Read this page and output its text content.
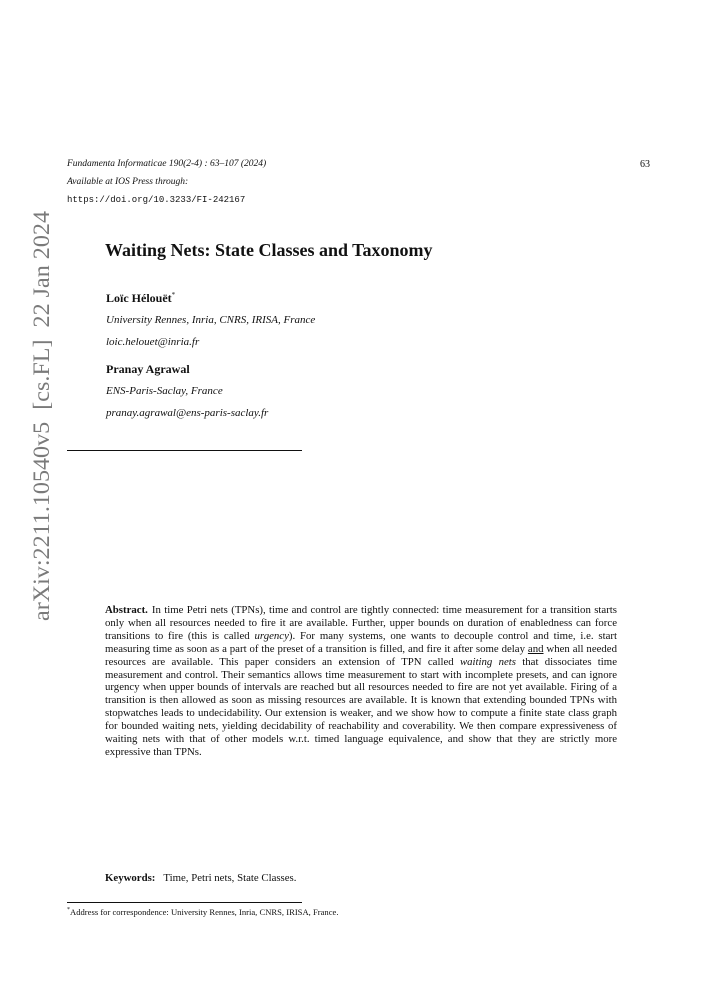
Fundamenta Informaticae 190(2-4) : 63–107 (2024)
Available at IOS Press through:
https://doi.org/10.3233/FI-242167
63
arXiv:2211.10540v5  [cs.FL]  22 Jan 2024	Waiting Nets: State Classes and Taxonomy
Loïc Hélouët*
University Rennes, Inria, CNRS, IRISA, France
loic.helouet@inria.fr
Pranay Agrawal
ENS-Paris-Saclay, France
pranay.agrawal@ens-paris-saclay.fr
Abstract. In time Petri nets (TPNs), time and control are tightly connected: time measurement for a transition starts only when all resources needed to fire it are available. Further, upper bounds on duration of enabledness can force transitions to fire (this is called urgency). For many systems, one wants to decouple control and time, i.e. start measuring time as soon as a part of the preset of a transition is filled, and fire it after some delay and when all needed resources are available. This paper considers an extension of TPN called waiting nets that dissociates time measurement and control. Their semantics allows time measurement to start with incomplete presets, and can ignore urgency when upper bounds of intervals are reached but all resources needed to fire are not yet available. Firing of a transition is then allowed as soon as missing resources are available. It is known that extending bounded TPNs with stopwatches leads to undecidability. Our extension is weaker, and we show how to compute a finite state class graph for bounded waiting nets, yielding decidability of reachability and coverability. We then compare expressiveness of waiting nets with that of other models w.r.t. timed language equivalence, and show that they are strictly more expressive than TPNs.
Keywords: Time, Petri nets, State Classes.
*Address for correspondence: University Rennes, Inria, CNRS, IRISA, France.
